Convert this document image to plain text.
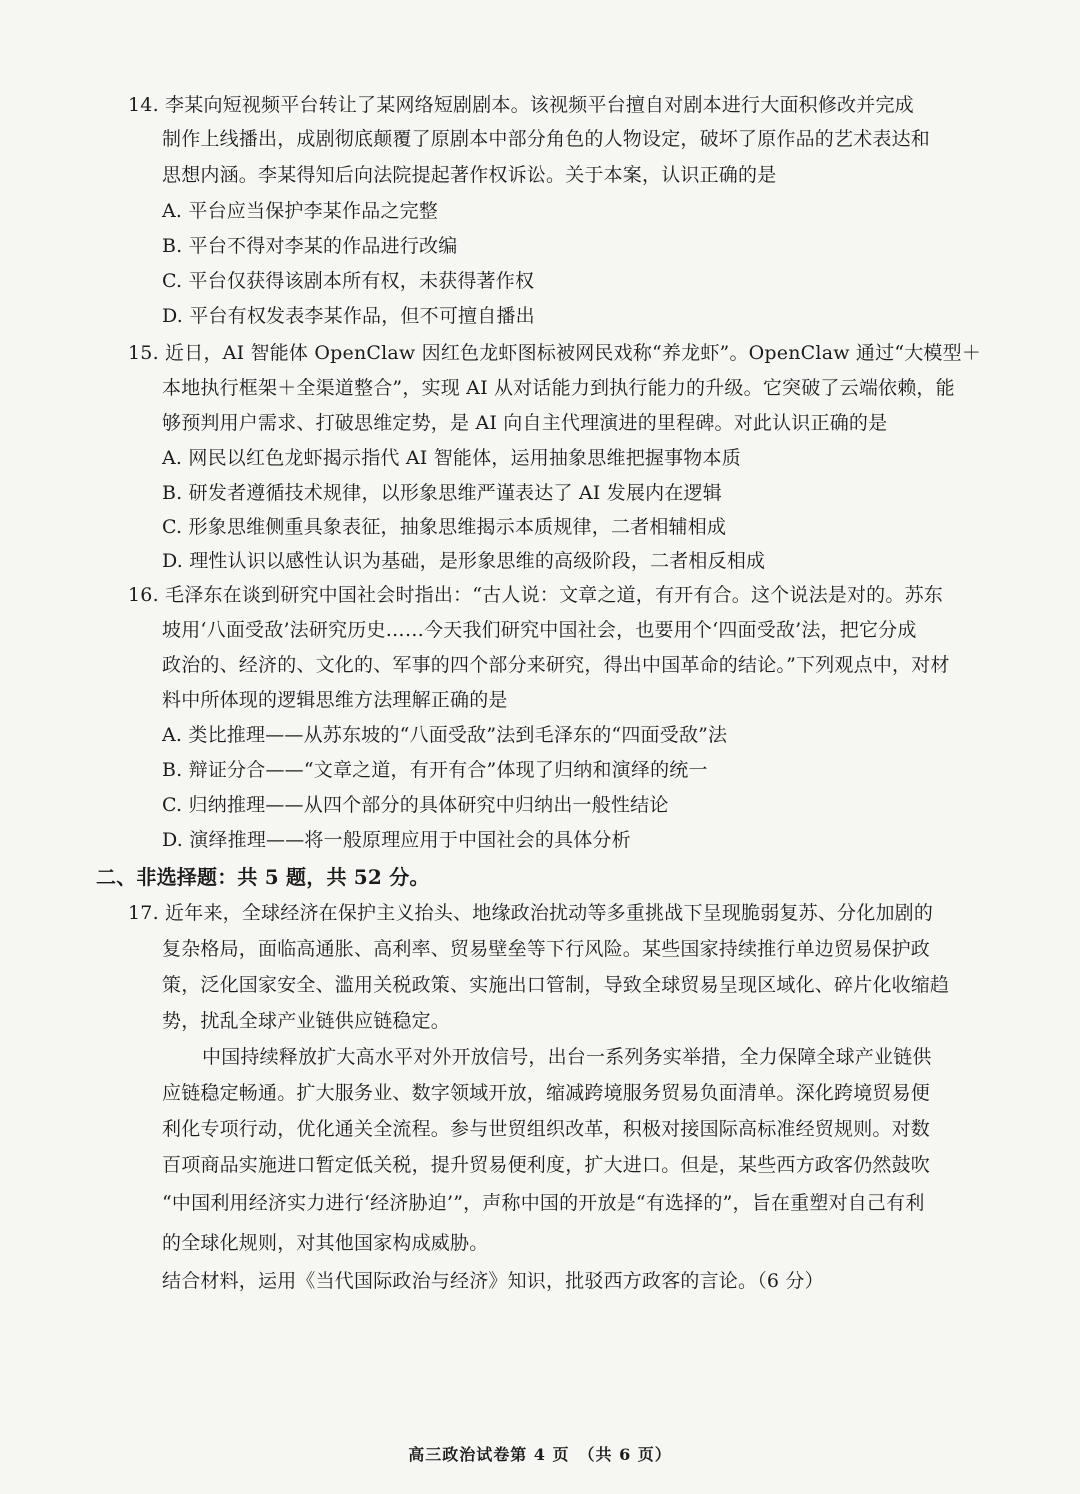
14. 李某向短视频平台转让了某网络短剧剧本。该视频平台擅自对剧本进行大面积修改并完成
制作上线播出，成剧彻底颠覆了原剧本中部分角色的人物设定，破坏了原作品的艺术表达和
思想内涵。李某得知后向法院提起著作权诉讼。关于本案，认识正确的是
A. 平台应当保护李某作品之完整
B. 平台不得对李某的作品进行改编
C. 平台仅获得该剧本所有权，未获得著作权
D. 平台有权发表李某作品，但不可擅自播出
15. 近日，AI 智能体 OpenClaw 因红色龙虾图标被网民戏称“养龙虾”。OpenClaw 通过“大模型＋
本地执行框架＋全渠道整合”，实现 AI 从对话能力到执行能力的升级。它突破了云端依赖，能
够预判用户需求、打破思维定势，是 AI 向自主代理演进的里程碑。对此认识正确的是
A. 网民以红色龙虾揭示指代 AI 智能体，运用抽象思维把握事物本质
B. 研发者遵循技术规律，以形象思维严谨表达了 AI 发展内在逻辑
C. 形象思维侧重具象表征，抽象思维揭示本质规律，二者相辅相成
D. 理性认识以感性认识为基础，是形象思维的高级阶段，二者相反相成
16. 毛泽东在谈到研究中国社会时指出：“古人说：文章之道，有开有合。这个说法是对的。苏东
坡用‘八面受敌’法研究历史……今天我们研究中国社会，也要用个‘四面受敌’法，把它分成
政治的、经济的、文化的、军事的四个部分来研究，得出中国革命的结论。”下列观点中，对材
料中所体现的逻辑思维方法理解正确的是
A. 类比推理——从苏东坡的“八面受敌”法到毛泽东的“四面受敌”法
B. 辩证分合——“文章之道，有开有合”体现了归纳和演绎的统一
C. 归纳推理——从四个部分的具体研究中归纳出一般性结论
D. 演绎推理——将一般原理应用于中国社会的具体分析
二、非选择题：共 5 题，共 52 分。
17. 近年来，全球经济在保护主义抬头、地缘政治扰动等多重挑战下呈现脆弱复苏、分化加剧的
复杂格局，面临高通胀、高利率、贸易壁垒等下行风险。某些国家持续推行单边贸易保护政
策，泛化国家安全、滥用关税政策、实施出口管制，导致全球贸易呈现区域化、碎片化收缩趋
势，扰乱全球产业链供应链稳定。
中国持续释放扩大高水平对外开放信号，出台一系列务实举措，全力保障全球产业链供
应链稳定畅通。扩大服务业、数字领域开放，缩减跨境服务贸易负面清单。深化跨境贸易便
利化专项行动，优化通关全流程。参与世贸组织改革，积极对接国际高标准经贸规则。对数
百项商品实施进口暂定低关税，提升贸易便利度，扩大进口。但是，某些西方政客仍然鼓吹
“中国利用经济实力进行‘经济胁迫’”，声称中国的开放是“有选择的”，旨在重塑对自己有利
的全球化规则，对其他国家构成威胁。
结合材料，运用《当代国际政治与经济》知识，批驳西方政客的言论。（6 分）
高三政治试卷第 4 页　（共 6 页）
